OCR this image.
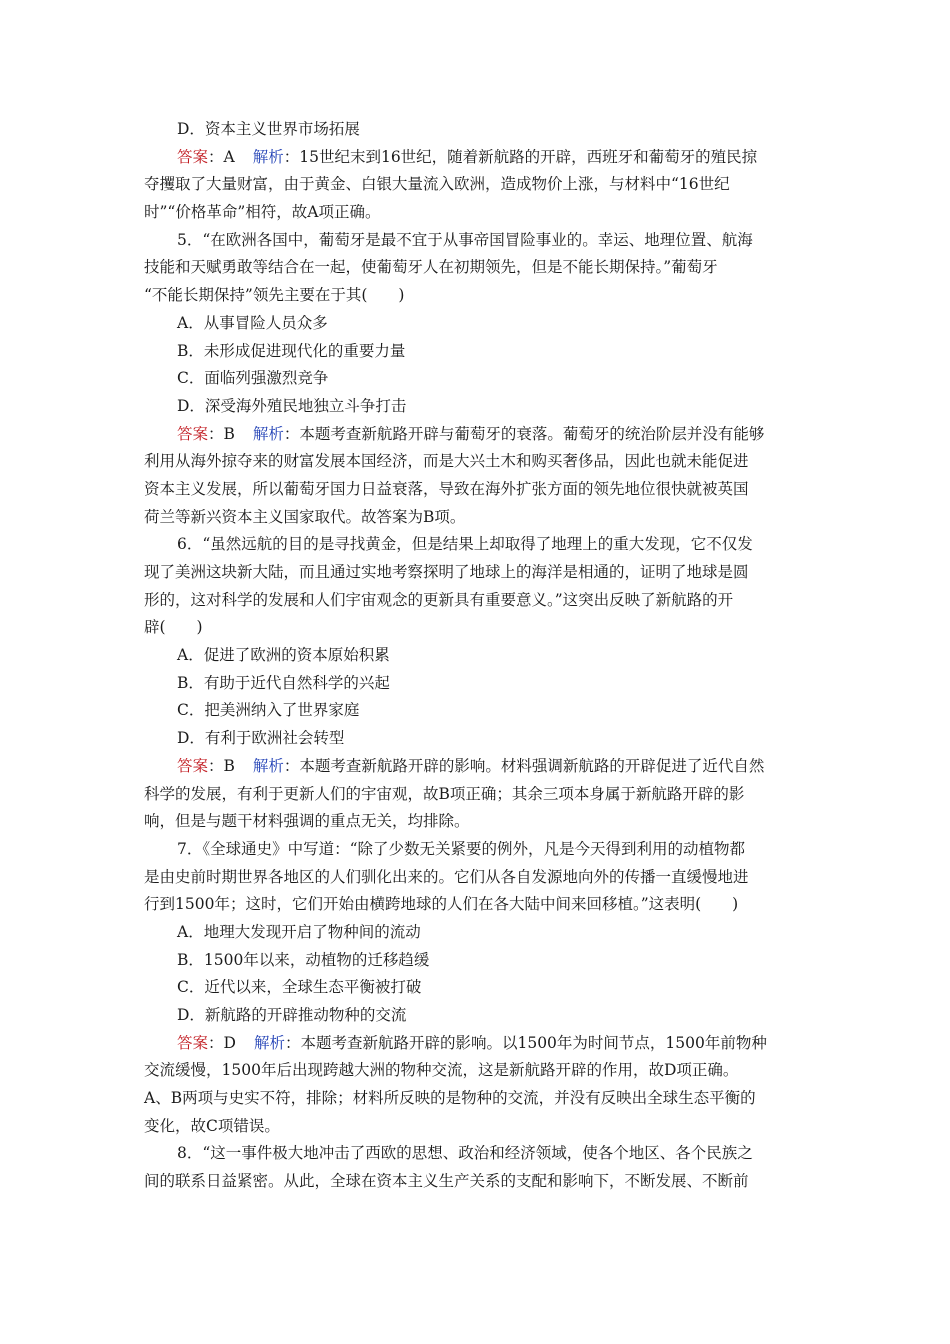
D．资本主义世界市场拓展
答案：A 解析：15世纪末到16世纪，随着新航路的开辟，西班牙和葡萄牙的殖民掠
夺攫取了大量财富，由于黄金、白银大量流入欧洲，造成物价上涨，与材料中“16世纪
时”“价格革命”相符，故A项正确。
5．“在欧洲各国中，葡萄牙是最不宜于从事帝国冒险事业的。幸运、地理位置、航海
技能和天赋勇敢等结合在一起，使葡萄牙人在初期领先，但是不能长期保持。”葡萄牙
“不能长期保持”领先主要在于其(　　)
A．从事冒险人员众多
B．未形成促进现代化的重要力量
C．面临列强激烈竞争
D．深受海外殖民地独立斗争打击
答案：B 解析：本题考查新航路开辟与葡萄牙的衰落。葡萄牙的统治阶层并没有能够
利用从海外掠夺来的财富发展本国经济，而是大兴土木和购买奢侈品，因此也就未能促进
资本主义发展，所以葡萄牙国力日益衰落，导致在海外扩张方面的领先地位很快就被英国
荷兰等新兴资本主义国家取代。故答案为B项。
6．“虽然远航的目的是寻找黄金，但是结果上却取得了地理上的重大发现，它不仅发
现了美洲这块新大陆，而且通过实地考察探明了地球上的海洋是相通的，证明了地球是圆
形的，这对科学的发展和人们宇宙观念的更新具有重要意义。”这突出反映了新航路的开
辟(　　)
A．促进了欧洲的资本原始积累
B．有助于近代自然科学的兴起
C．把美洲纳入了世界家庭
D．有利于欧洲社会转型
答案：B 解析：本题考查新航路开辟的影响。材料强调新航路的开辟促进了近代自然
科学的发展，有利于更新人们的宇宙观，故B项正确；其余三项本身属于新航路开辟的影
响，但是与题干材料强调的重点无关，均排除。
7．《全球通史》中写道：“除了少数无关紧要的例外，凡是今天得到利用的动植物都
是由史前时期世界各地区的人们驯化出来的。它们从各自发源地向外的传播一直缓慢地进
行到1500年；这时，它们开始由横跨地球的人们在各大陆中间来回移植。”这表明(　　)
A．地理大发现开启了物种间的流动
B．1500年以来，动植物的迁移趋缓
C．近代以来，全球生态平衡被打破
D．新航路的开辟推动物种的交流
答案：D 解析：本题考查新航路开辟的影响。以1500年为时间节点，1500年前物种
交流缓慢，1500年后出现跨越大洲的物种交流，这是新航路开辟的作用，故D项正确。
A、B两项与史实不符，排除；材料所反映的是物种的交流，并没有反映出全球生态平衡的
变化，故C项错误。
8．“这一事件极大地冲击了西欧的思想、政治和经济领域，使各个地区、各个民族之
间的联系日益紧密。从此，全球在资本主义生产关系的支配和影响下，不断发展、不断前
